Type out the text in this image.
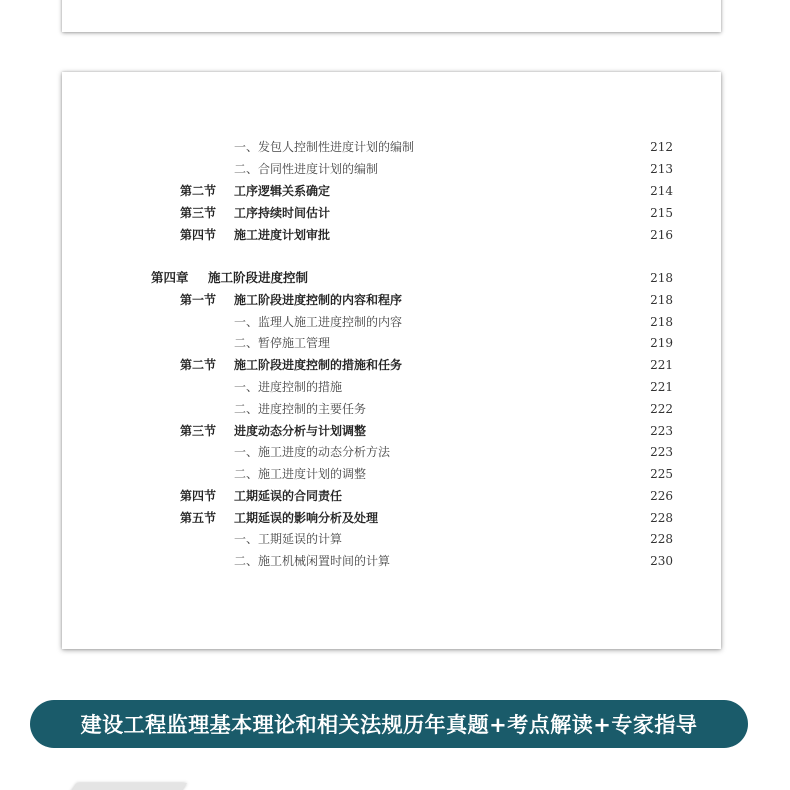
一、发包人控制性进度计划的编制	212
二、合同性进度计划的编制	213
第二节 工序逻辑关系确定	214
第三节 工序持续时间估计	215
第四节 施工进度计划审批	216
第四章 施工阶段进度控制	218
第一节 施工阶段进度控制的内容和程序	218
一、监理人施工进度控制的内容	218
二、暂停施工管理	219
第二节 施工阶段进度控制的措施和任务	221
一、进度控制的措施	221
二、进度控制的主要任务	222
第三节 进度动态分析与计划调整	223
一、施工进度的动态分析方法	223
二、施工进度计划的调整	225
第四节 工期延误的合同责任	226
第五节 工期延误的影响分析及处理	228
一、工期延误的计算	228
二、施工机械闲置时间的计算	230
建设工程监理基本理论和相关法规历年真题+考点解读+专家指导
